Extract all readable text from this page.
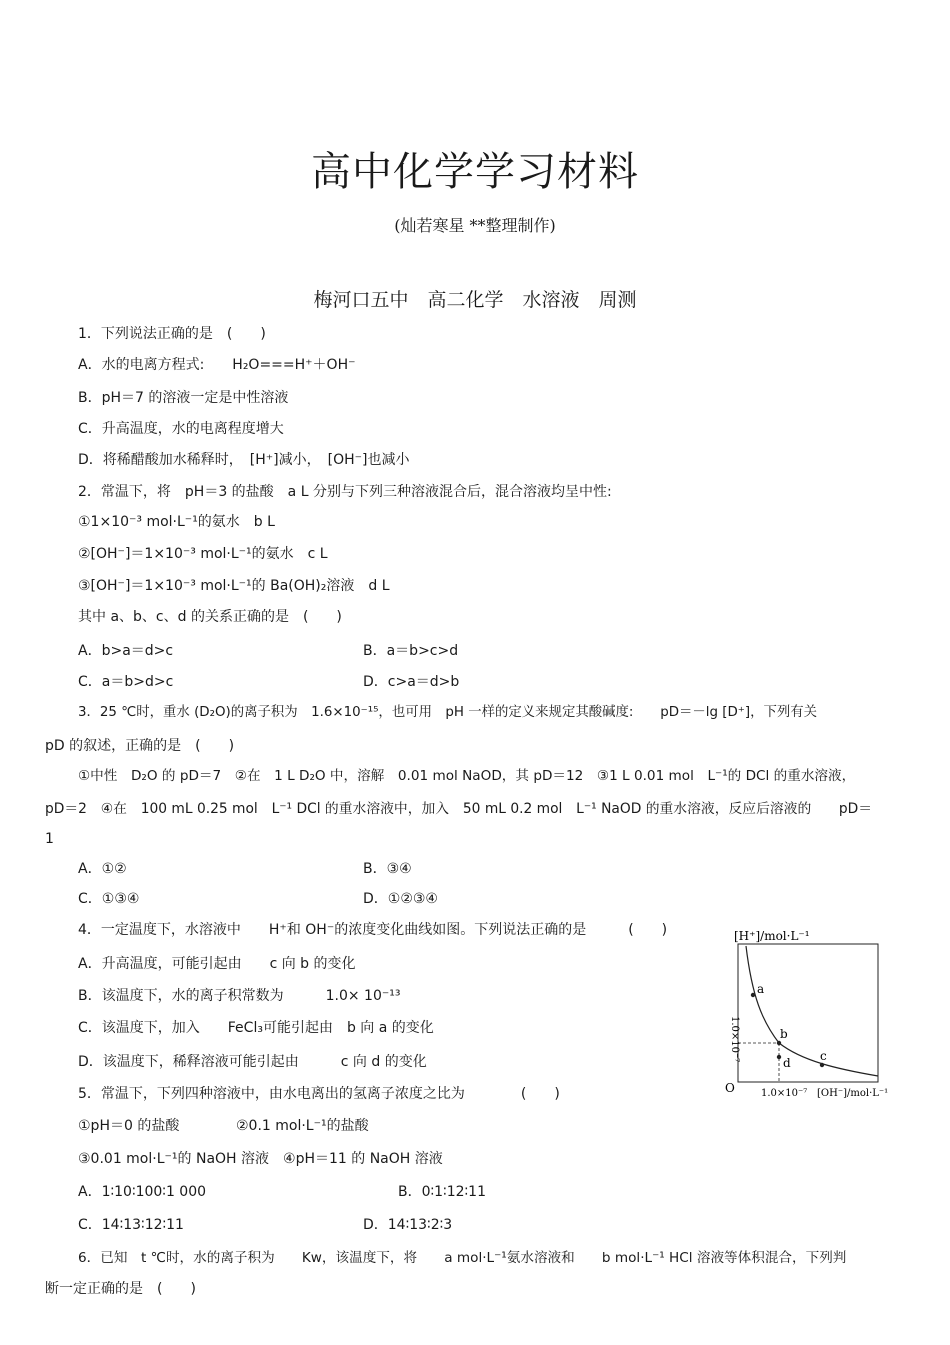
高中化学学习材料
(灿若寒星 **整理制作)
梅河口五中　高二化学　水溶液　周测
1．下列说法正确的是　(　　)
A．水的电离方程式:　　H₂O===H⁺＋OH⁻
B．pH＝7 的溶液一定是中性溶液
C．升高温度，水的电离程度增大
D．将稀醋酸加水稀释时，　[H⁺]减小，　[OH⁻]也减小
2．常温下，将　pH＝3 的盐酸　a L 分别与下列三种溶液混合后，混合溶液均呈中性:
①1×10⁻³ mol·L⁻¹的氨水　b L
②[OH⁻]＝1×10⁻³ mol·L⁻¹的氨水　c L
③[OH⁻]＝1×10⁻³ mol·L⁻¹的 Ba(OH)₂溶液　d L
其中 a、b、c、d 的关系正确的是　(　　)
A．b>a＝d>c	B．a＝b>c>d
C．a＝b>d>c	D．c>a＝d>b
3．25 ℃时，重水 (D₂O)的离子积为　1.6×10⁻¹⁵，也可用　pH 一样的定义来规定其酸碱度:　　pD＝－lg [D⁺]，下列有关
pD 的叙述，正确的是　(　　)
①中性　D₂O 的 pD＝7　②在　1 L D₂O 中，溶解　0.01 mol NaOD，其 pD＝12　③1 L 0.01 mol　L⁻¹的 DCl 的重水溶液，
pD＝2　④在　100 mL 0.25 mol　L⁻¹ DCl 的重水溶液中，加入　50 mL 0.2 mol　L⁻¹ NaOD 的重水溶液，反应后溶液的　　pD＝
1
A．①②	B．③④
C．①③④	D．①②③④
4．一定温度下，水溶液中　　H⁺和 OH⁻的浓度变化曲线如图。下列说法正确的是　　　(　　)
A．升高温度，可能引起由　　c 向 b 的变化
B．该温度下，水的离子积常数为　　　1.0× 10⁻¹³
C．该温度下，加入　　FeCl₃可能引起由　b 向 a 的变化
D．该温度下，稀释溶液可能引起由　　　c 向 d 的变化
[H⁺]/mol·L⁻¹
a
b
c
d
O	1.0×10⁻⁷ [OH⁻]/mol·L⁻¹
1.0×10⁻⁷
5．常温下，下列四种溶液中，由水电离出的氢离子浓度之比为　　　　(　　)
①pH＝0 的盐酸	②0.1 mol·L⁻¹的盐酸
③0.01 mol·L⁻¹的 NaOH 溶液　④pH＝11 的 NaOH 溶液
A．1∶10∶100∶1 000	B．0∶1∶12∶11
C．14∶13∶12∶11	D．14∶13∶2∶3
6．已知　t ℃时，水的离子积为　　Kw，该温度下，将　　a mol·L⁻¹氨水溶液和　　b mol·L⁻¹ HCl 溶液等体积混合，下列判
断一定正确的是　(　　)
